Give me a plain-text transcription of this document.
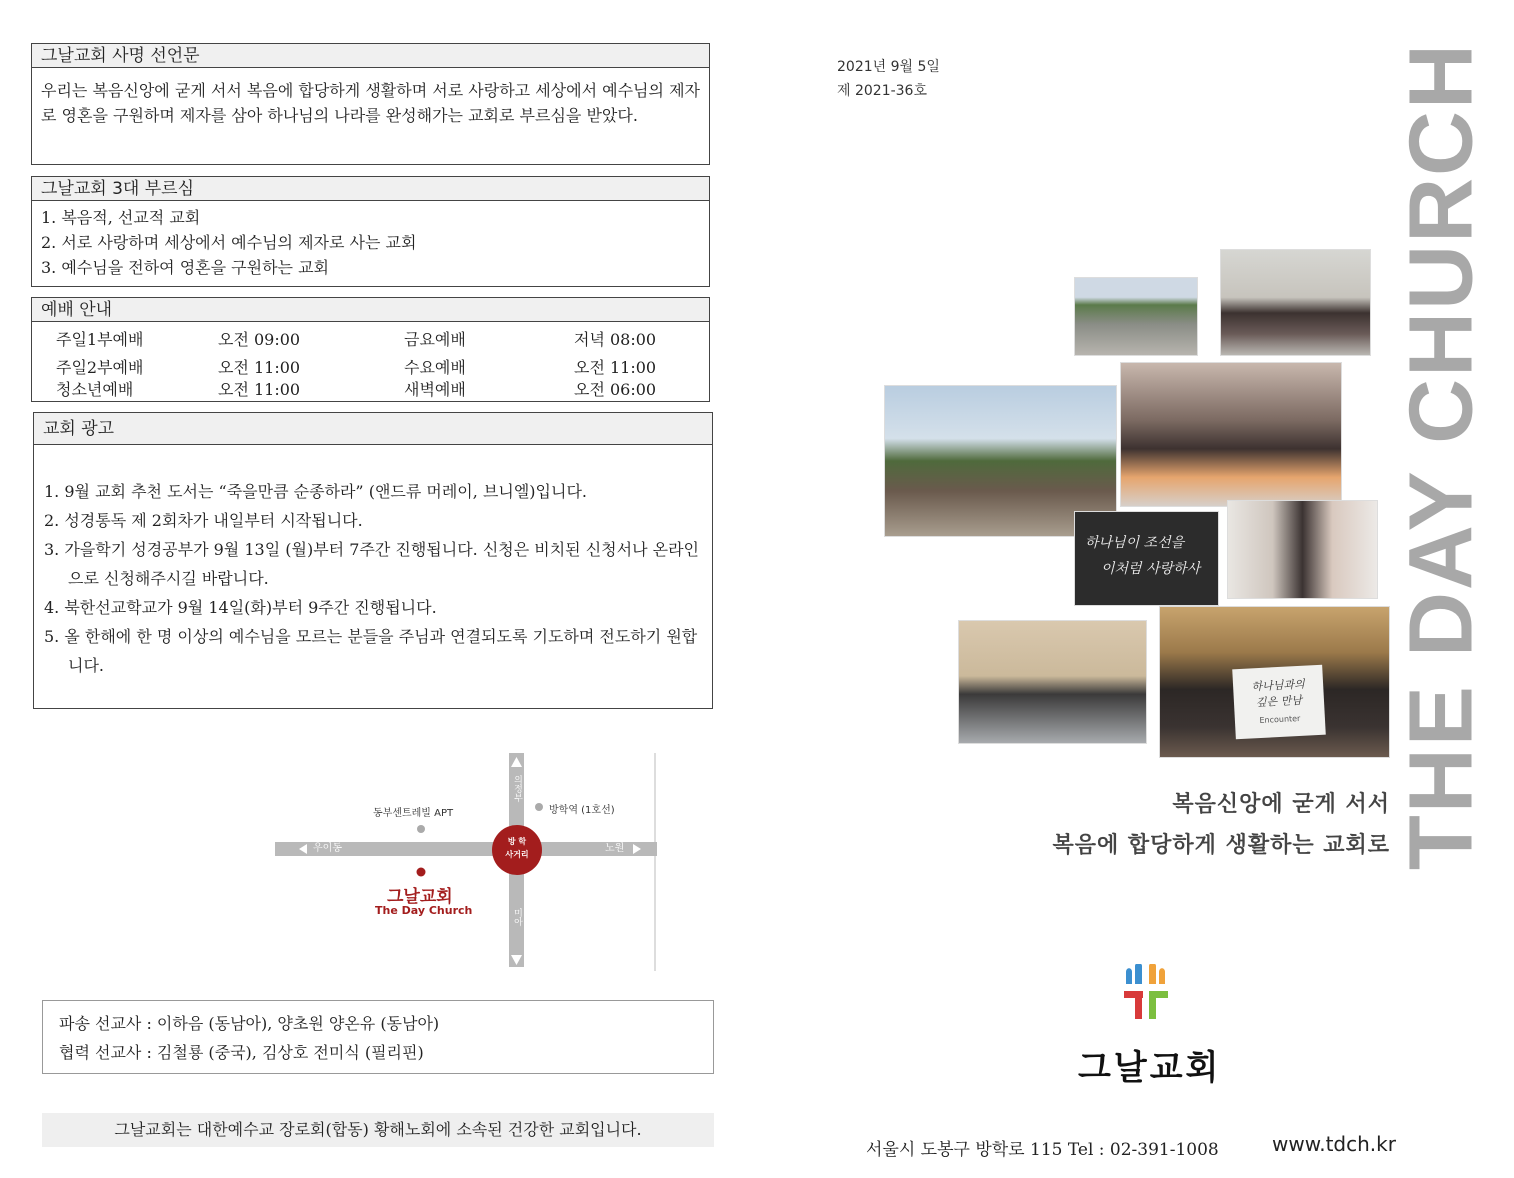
그날교회 사명 선언문
우리는 복음신앙에 굳게 서서 복음에 합당하게 생활하며 서로 사랑하고 세상에서 예수님의 제자로 영혼을 구원하며 제자를 삼아 하나님의 나라를 완성해가는 교회로 부르심을 받았다.
그날교회 3대 부르심
1. 복음적, 선교적 교회
2. 서로 사랑하며 세상에서 예수님의 제자로 사는 교회
3. 예수님을 전하여 영혼을 구원하는 교회
예배 안내
주일1부예배	오전 09:00	금요예배	저녁 08:00
주일2부예배	오전 11:00	수요예배	오전 11:00
청소년예배	오전 11:00	새벽예배	오전 06:00
교회 광고
1. 9월 교회 추천 도서는 “죽을만큼 순종하라” (앤드류 머레이, 브니엘)입니다.
2. 성경통독 제 2회차가 내일부터 시작됩니다.
3. 가을학기 성경공부가 9월 13일 (월)부터 7주간 진행됩니다. 신청은 비치된 신청서나 온라인으로 신청해주시길 바랍니다.
4. 북한선교학교가 9월 14일(화)부터 9주간 진행됩니다.
5. 올 한해에 한 명 이상의 예수님을 모르는 분들을 주님과 연결되도록 기도하며 전도하기 원합니다.
동부센트레빌 APT	방학역 (1호선)
우이동	노원
의정부
미아
방 학
사거리
그날교회
The Day Church
파송 선교사 : 이하음 (동남아), 양초원 양온유 (동남아)
협력 선교사 : 김철룡 (중국), 김상호 전미식 (필리핀)
그날교회는 대한예수교 장로회(합동) 황해노회에 소속된 건강한 교회입니다.
2021년 9월 5일
제 2021-36호	THE DAY CHURCH
하나님이 조선을
이처럼 사랑하사
하나님과의
깊은 만남
Encounter
복음신앙에 굳게 서서
복음에 합당하게 생활하는 교회로
그날교회
서울시 도봉구 방학로 115 Tel : 02-391-1008	www.tdch.kr
